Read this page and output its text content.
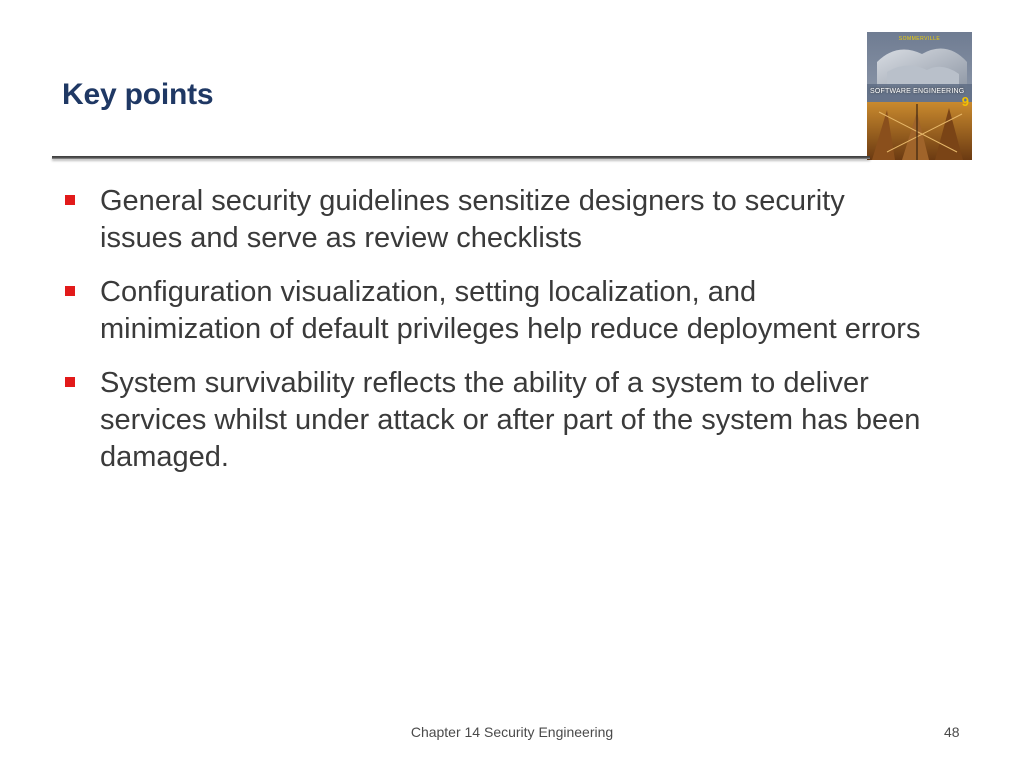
Key points
SOMMERVILLE
SOFTWARE ENGINEERING
9
General security guidelines sensitize designers to security issues and serve as review checklists
Configuration visualization, setting localization, and minimization of default privileges help reduce deployment errors
System survivability reflects the ability of a system to deliver services whilst under attack or after part of the system has been damaged.
Chapter 14 Security Engineering	48
